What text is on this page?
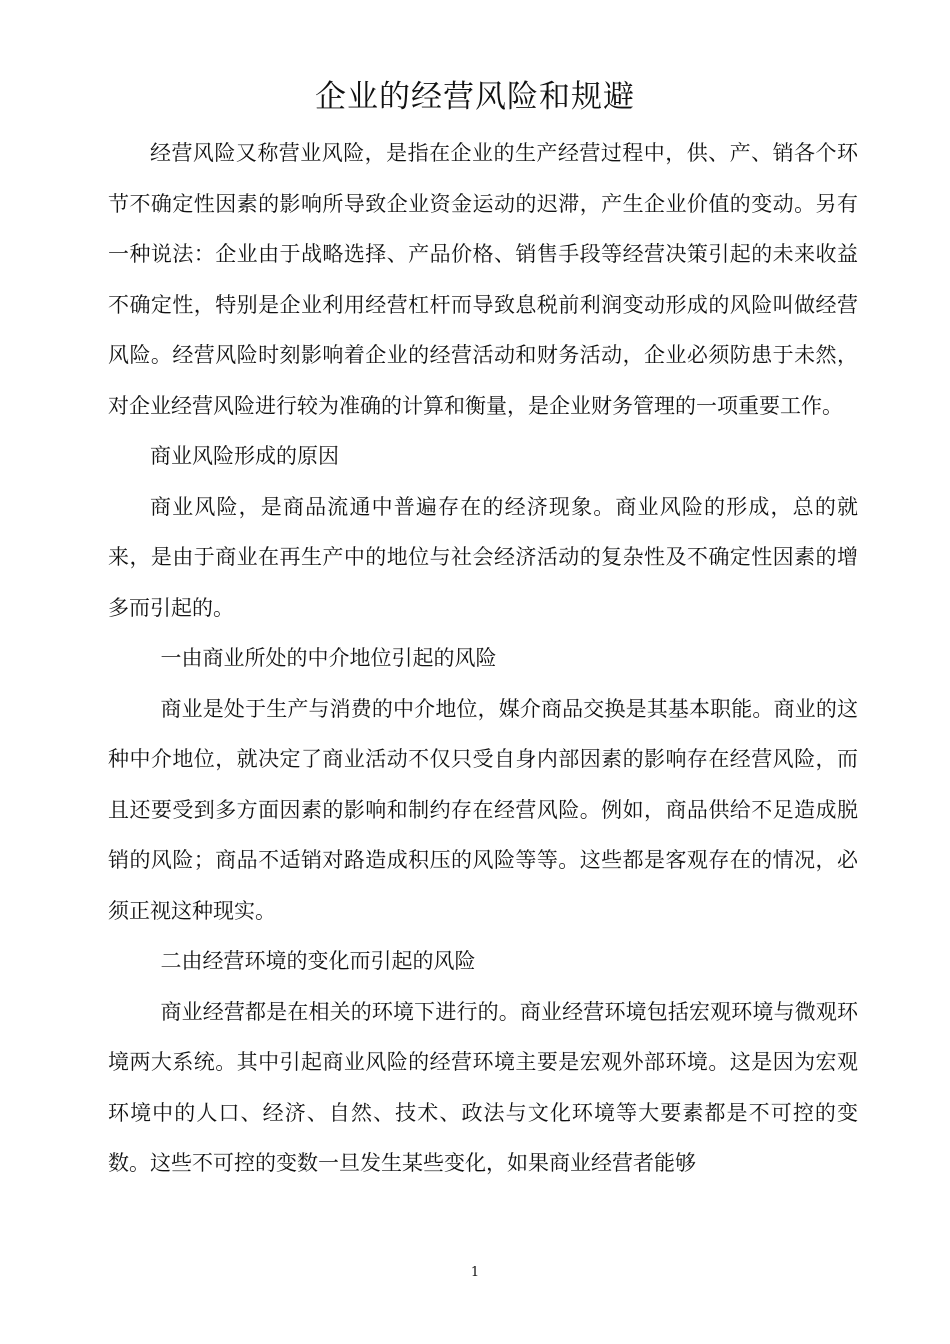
企业的经营风险和规避

经营风险又称营业风险，是指在企业的生产经营过程中，供、产、销各个环节不确定性因素的影响所导致企业资金运动的迟滞，产生企业价值的变动。另有一种说法：企业由于战略选择、产品价格、销售手段等经营决策引起的未来收益不确定性，特别是企业利用经营杠杆而导致息税前利润变动形成的风险叫做经营风险。经营风险时刻影响着企业的经营活动和财务活动，企业必须防患于未然，对企业经营风险进行较为准确的计算和衡量，是企业财务管理的一项重要工作。

商业风险形成的原因

商业风险，是商品流通中普遍存在的经济现象。商业风险的形成，总的就来，是由于商业在再生产中的地位与社会经济活动的复杂性及不确定性因素的增多而引起的。

一由商业所处的中介地位引起的风险

商业是处于生产与消费的中介地位，媒介商品交换是其基本职能。商业的这种中介地位，就决定了商业活动不仅只受自身内部因素的影响存在经营风险，而且还要受到多方面因素的影响和制约存在经营风险。例如，商品供给不足造成脱销的风险；商品不适销对路造成积压的风险等等。这些都是客观存在的情况，必须正视这种现实。

二由经营环境的变化而引起的风险

商业经营都是在相关的环境下进行的。商业经营环境包括宏观环境与微观环境两大系统。其中引起商业风险的经营环境主要是宏观外部环境。这是因为宏观环境中的人口、经济、自然、技术、政法与文化环境等大要素都是不可控的变数。这些不可控的变数一旦发生某些变化，如果商业经营者能够

1
